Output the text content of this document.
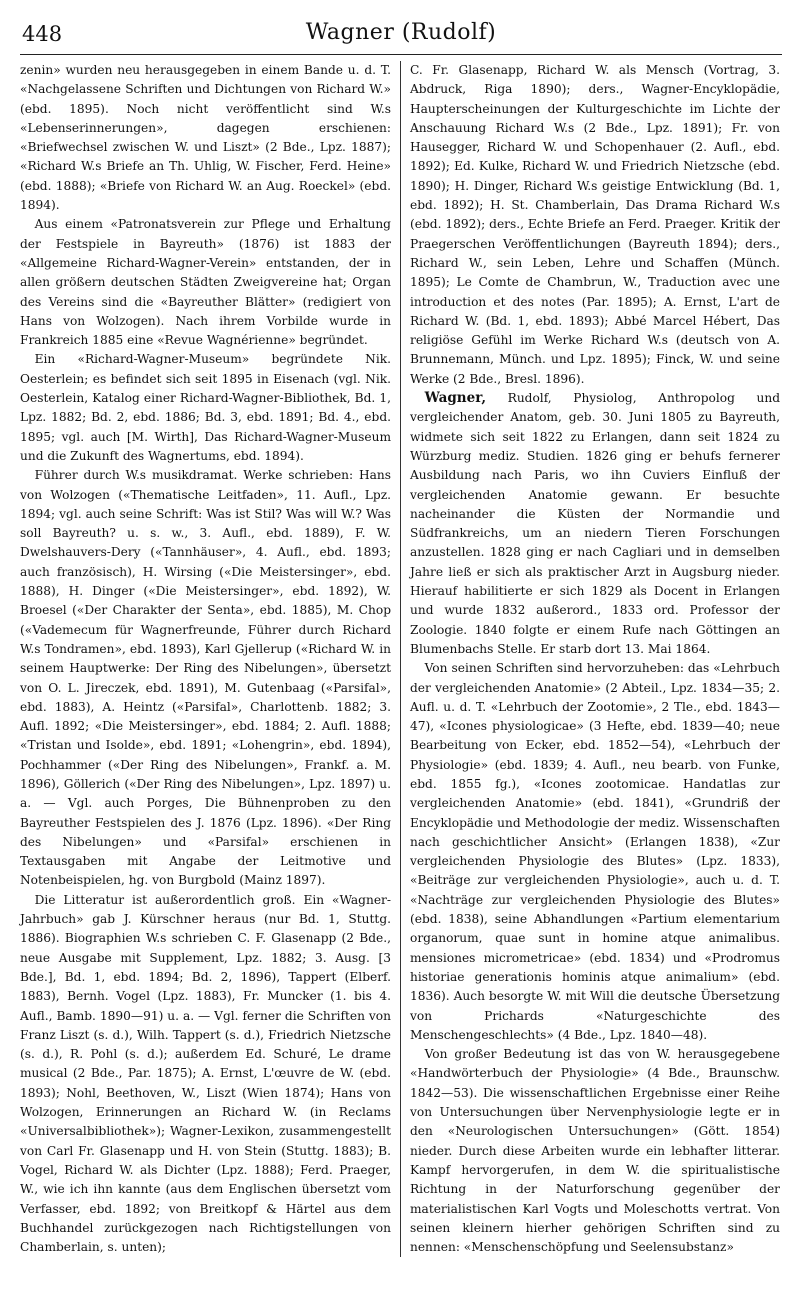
448	Wagner (Rudolf)

zenin» wurden neu herausgegeben in einem Bande u. d. T. «Nachgelassene Schriften und Dichtungen von Richard W.» (ebd. 1895). Noch nicht veröffentlicht sind W.s «Lebenserinnerungen», dagegen erschienen: «Briefwechsel zwischen W. und Liszt» (2 Bde., Lpz. 1887); «Richard W.s Briefe an Th. Uhlig, W. Fischer, Ferd. Heine» (ebd. 1888); «Briefe von Richard W. an Aug. Roeckel» (ebd. 1894).

Aus einem «Patronatsverein zur Pflege und Erhaltung der Festspiele in Bayreuth» (1876) ist 1883 der «Allgemeine Richard-Wagner-Verein» entstanden, der in allen größern deutschen Städten Zweigvereine hat; Organ des Vereins sind die «Bayreuther Blätter» (redigiert von Hans von Wolzogen). Nach ihrem Vorbilde wurde in Frankreich 1885 eine «Revue Wagnérienne» begründet.

Ein «Richard-Wagner-Museum» begründete Nik. Oesterlein; es befindet sich seit 1895 in Eisenach (vgl. Nik. Oesterlein, Katalog einer Richard-Wagner-Bibliothek, Bd. 1, Lpz. 1882; Bd. 2, ebd. 1886; Bd. 3, ebd. 1891; Bd. 4., ebd. 1895; vgl. auch [M. Wirth], Das Richard-Wagner-Museum und die Zukunft des Wagnertums, ebd. 1894).

Führer durch W.s musikdramat. Werke schrieben: Hans von Wolzogen («Thematische Leitfaden», 11. Aufl., Lpz. 1894; vgl. auch seine Schrift: Was ist Stil? Was will W.? Was soll Bayreuth? u. s. w., 3. Aufl., ebd. 1889), F. W. Dwelshauvers-Dery («Tannhäuser», 4. Aufl., ebd. 1893; auch französisch), H. Wirsing («Die Meistersinger», ebd. 1888), H. Dinger («Die Meistersinger», ebd. 1892), W. Broesel («Der Charakter der Senta», ebd. 1885), M. Chop («Vademecum für Wagnerfreunde, Führer durch Richard W.s Tondramen», ebd. 1893), Karl Gjellerup («Richard W. in seinem Hauptwerke: Der Ring des Nibelungen», übersetzt von O. L. Jireczek, ebd. 1891), M. Gutenbaag («Parsifal», ebd. 1883), A. Heintz («Parsifal», Charlottenb. 1882; 3. Aufl. 1892; «Die Meistersinger», ebd. 1884; 2. Aufl. 1888; «Tristan und Isolde», ebd. 1891; «Lohengrin», ebd. 1894), Pochhammer («Der Ring des Nibelungen», Frankf. a. M. 1896), Göllerich («Der Ring des Nibelungen», Lpz. 1897) u. a. — Vgl. auch Porges, Die Bühnenproben zu den Bayreuther Festspielen des J. 1876 (Lpz. 1896). «Der Ring des Nibelungen» und «Parsifal» erschienen in Textausgaben mit Angabe der Leitmotive und Notenbeispielen, hg. von Burgbold (Mainz 1897).

Die Litteratur ist außerordentlich groß. Ein «Wagner-Jahrbuch» gab J. Kürschner heraus (nur Bd. 1, Stuttg. 1886). Biographien W.s schrieben C. F. Glasenapp (2 Bde., neue Ausgabe mit Supplement, Lpz. 1882; 3. Ausg. [3 Bde.], Bd. 1, ebd. 1894; Bd. 2, 1896), Tappert (Elberf. 1883), Bernh. Vogel (Lpz. 1883), Fr. Muncker (1. bis 4. Aufl., Bamb. 1890—91) u. a. — Vgl. ferner die Schriften von Franz Liszt (s. d.), Wilh. Tappert (s. d.), Friedrich Nietzsche (s. d.), R. Pohl (s. d.); außerdem Ed. Schuré, Le drame musical (2 Bde., Par. 1875); A. Ernst, L'œuvre de W. (ebd. 1893); Nohl, Beethoven, W., Liszt (Wien 1874); Hans von Wolzogen, Erinnerungen an Richard W. (in Reclams «Universalbibliothek»); Wagner-Lexikon, zusammengestellt von Carl Fr. Glasenapp und H. von Stein (Stuttg. 1883); B. Vogel, Richard W. als Dichter (Lpz. 1888); Ferd. Praeger, W., wie ich ihn kannte (aus dem Englischen übersetzt vom Verfasser, ebd. 1892; von Breitkopf & Härtel aus dem Buchhandel zurückgezogen nach Richtigstellungen von Chamberlain, s. unten);

C. Fr. Glasenapp, Richard W. als Mensch (Vortrag, 3. Abdruck, Riga 1890); ders., Wagner-Encyklopädie, Haupterscheinungen der Kulturgeschichte im Lichte der Anschauung Richard W.s (2 Bde., Lpz. 1891); Fr. von Hausegger, Richard W. und Schopenhauer (2. Aufl., ebd. 1892); Ed. Kulke, Richard W. und Friedrich Nietzsche (ebd. 1890); H. Dinger, Richard W.s geistige Entwicklung (Bd. 1, ebd. 1892); H. St. Chamberlain, Das Drama Richard W.s (ebd. 1892); ders., Echte Briefe an Ferd. Praeger. Kritik der Praegerschen Veröffentlichungen (Bayreuth 1894); ders., Richard W., sein Leben, Lehre und Schaffen (Münch. 1895); Le Comte de Chambrun, W., Traduction avec une introduction et des notes (Par. 1895); A. Ernst, L'art de Richard W. (Bd. 1, ebd. 1893); Abbé Marcel Hébert, Das religiöse Gefühl im Werke Richard W.s (deutsch von A. Brunnemann, Münch. und Lpz. 1895); Finck, W. und seine Werke (2 Bde., Bresl. 1896).

Wagner, Rudolf, Physiolog, Anthropolog und vergleichender Anatom, geb. 30. Juni 1805 zu Bayreuth, widmete sich seit 1822 zu Erlangen, dann seit 1824 zu Würzburg mediz. Studien. 1826 ging er behufs fernerer Ausbildung nach Paris, wo ihn Cuviers Einfluß der vergleichenden Anatomie gewann. Er besuchte nacheinander die Küsten der Normandie und Südfrankreichs, um an niedern Tieren Forschungen anzustellen. 1828 ging er nach Cagliari und in demselben Jahre ließ er sich als praktischer Arzt in Augsburg nieder. Hierauf habilitierte er sich 1829 als Docent in Erlangen und wurde 1832 außerord., 1833 ord. Professor der Zoologie. 1840 folgte er einem Rufe nach Göttingen an Blumenbachs Stelle. Er starb dort 13. Mai 1864.

Von seinen Schriften sind hervorzuheben: das «Lehrbuch der vergleichenden Anatomie» (2 Abteil., Lpz. 1834—35; 2. Aufl. u. d. T. «Lehrbuch der Zootomie», 2 Tle., ebd. 1843—47), «Icones physiologicae» (3 Hefte, ebd. 1839—40; neue Bearbeitung von Ecker, ebd. 1852—54), «Lehrbuch der Physiologie» (ebd. 1839; 4. Aufl., neu bearb. von Funke, ebd. 1855 fg.), «Icones zootomicae. Handatlas zur vergleichenden Anatomie» (ebd. 1841), «Grundriß der Encyklopädie und Methodologie der mediz. Wissenschaften nach geschichtlicher Ansicht» (Erlangen 1838), «Zur vergleichenden Physiologie des Blutes» (Lpz. 1833), «Beiträge zur vergleichenden Physiologie», auch u. d. T. «Nachträge zur vergleichenden Physiologie des Blutes» (ebd. 1838), seine Abhandlungen «Partium elementarium organorum, quae sunt in homine atque animalibus. mensiones micrometricae» (ebd. 1834) und «Prodromus historiae generationis hominis atque animalium» (ebd. 1836). Auch besorgte W. mit Will die deutsche Übersetzung von Prichards «Naturgeschichte des Menschengeschlechts» (4 Bde., Lpz. 1840—48).

Von großer Bedeutung ist das von W. herausgegebene «Handwörterbuch der Physiologie» (4 Bde., Braunschw. 1842—53). Die wissenschaftlichen Ergebnisse einer Reihe von Untersuchungen über Nervenphysiologie legte er in den «Neurologischen Untersuchungen» (Gött. 1854) nieder. Durch diese Arbeiten wurde ein lebhafter litterar. Kampf hervorgerufen, in dem W. die spiritualistische Richtung in der Naturforschung gegenüber der materialistischen Karl Vogts und Moleschotts vertrat. Von seinen kleinern hierher gehörigen Schriften sind zu nennen: «Menschenschöpfung und Seelensubstanz»
